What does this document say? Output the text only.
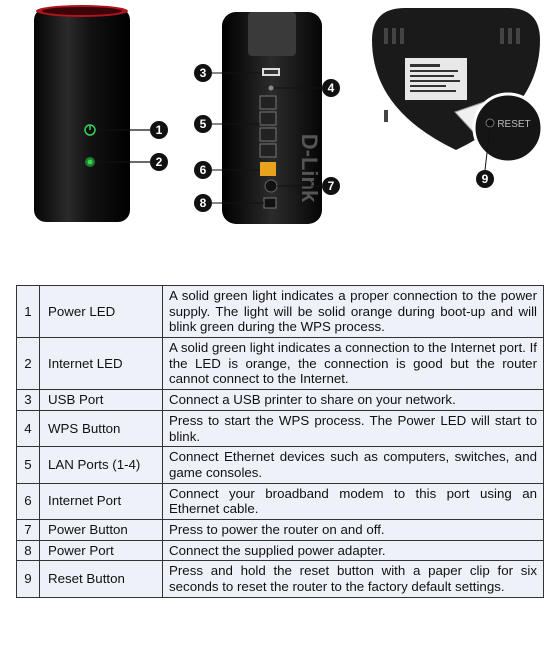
D-Link
RESET
1
2
3
4
5
6
7
8
9
1	Power LED	A solid green light indicates a proper connection to the power supply. The light will be solid orange during boot-up and will blink green during the WPS process.
2	Internet LED	A solid green light indicates a connection to the Internet port. If the LED is orange, the connection is good but the router cannot connect to the Internet.
3	USB Port	Connect a USB printer to share on your network.
4	WPS Button	Press to start the WPS process. The Power LED will start to blink.
5	LAN Ports (1-4)	Connect Ethernet devices such as computers, switches, and game consoles.
6	Internet Port	Connect your broadband modem to this port using an Ethernet cable.
7	Power Button	Press to power the router on and off.
8	Power Port	Connect the supplied power adapter.
9	Reset Button	Press and hold the reset button with a paper clip for six seconds to reset the router to the factory default settings.
